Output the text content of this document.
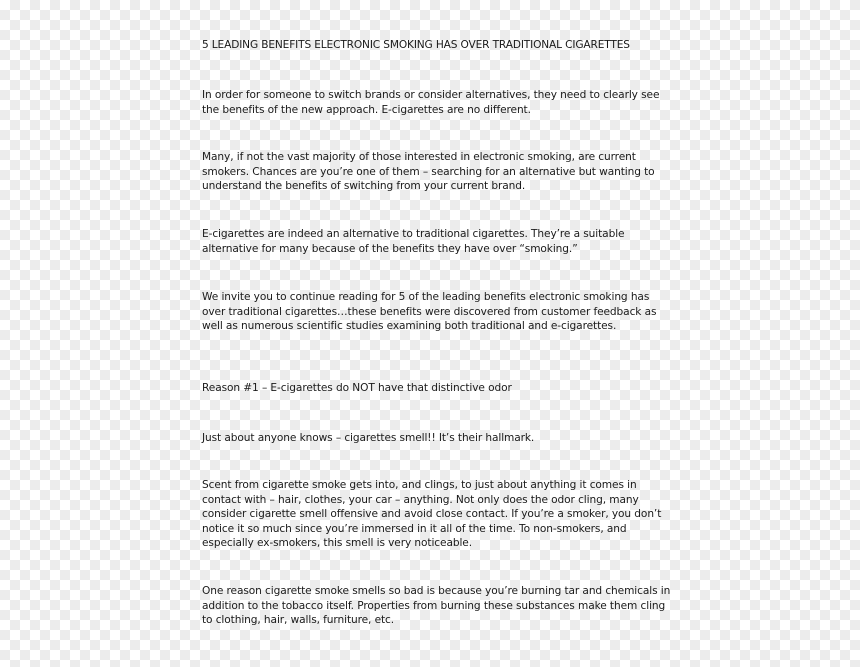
5 LEADING BENEFITS ELECTRONIC SMOKING HAS OVER TRADITIONAL CIGARETTES
In order for someone to switch brands or consider alternatives, they need to clearly see the benefits of the new approach. E-cigarettes are no different.
Many, if not the vast majority of those interested in electronic smoking, are current smokers. Chances are you’re one of them – searching for an alternative but wanting to understand the benefits of switching from your current brand.
E-cigarettes are indeed an alternative to traditional cigarettes. They’re a suitable alternative for many because of the benefits they have over “smoking.”
We invite you to continue reading for 5 of the leading benefits electronic smoking has over traditional cigarettes…these benefits were discovered from customer feedback as well as numerous scientific studies examining both traditional and e-cigarettes.
Reason #1 – E-cigarettes do NOT have that distinctive odor
Just about anyone knows – cigarettes smell!! It’s their hallmark.
Scent from cigarette smoke gets into, and clings, to just about anything it comes in contact with – hair, clothes, your car – anything. Not only does the odor cling, many consider cigarette smell offensive and avoid close contact. If you’re a smoker, you don’t notice it so much since you’re immersed in it all of the time. To non-smokers, and especially ex-smokers, this smell is very noticeable.
One reason cigarette smoke smells so bad is because you’re burning tar and chemicals in addition to the tobacco itself. Properties from burning these substances make them cling to clothing, hair, walls, furniture, etc.
